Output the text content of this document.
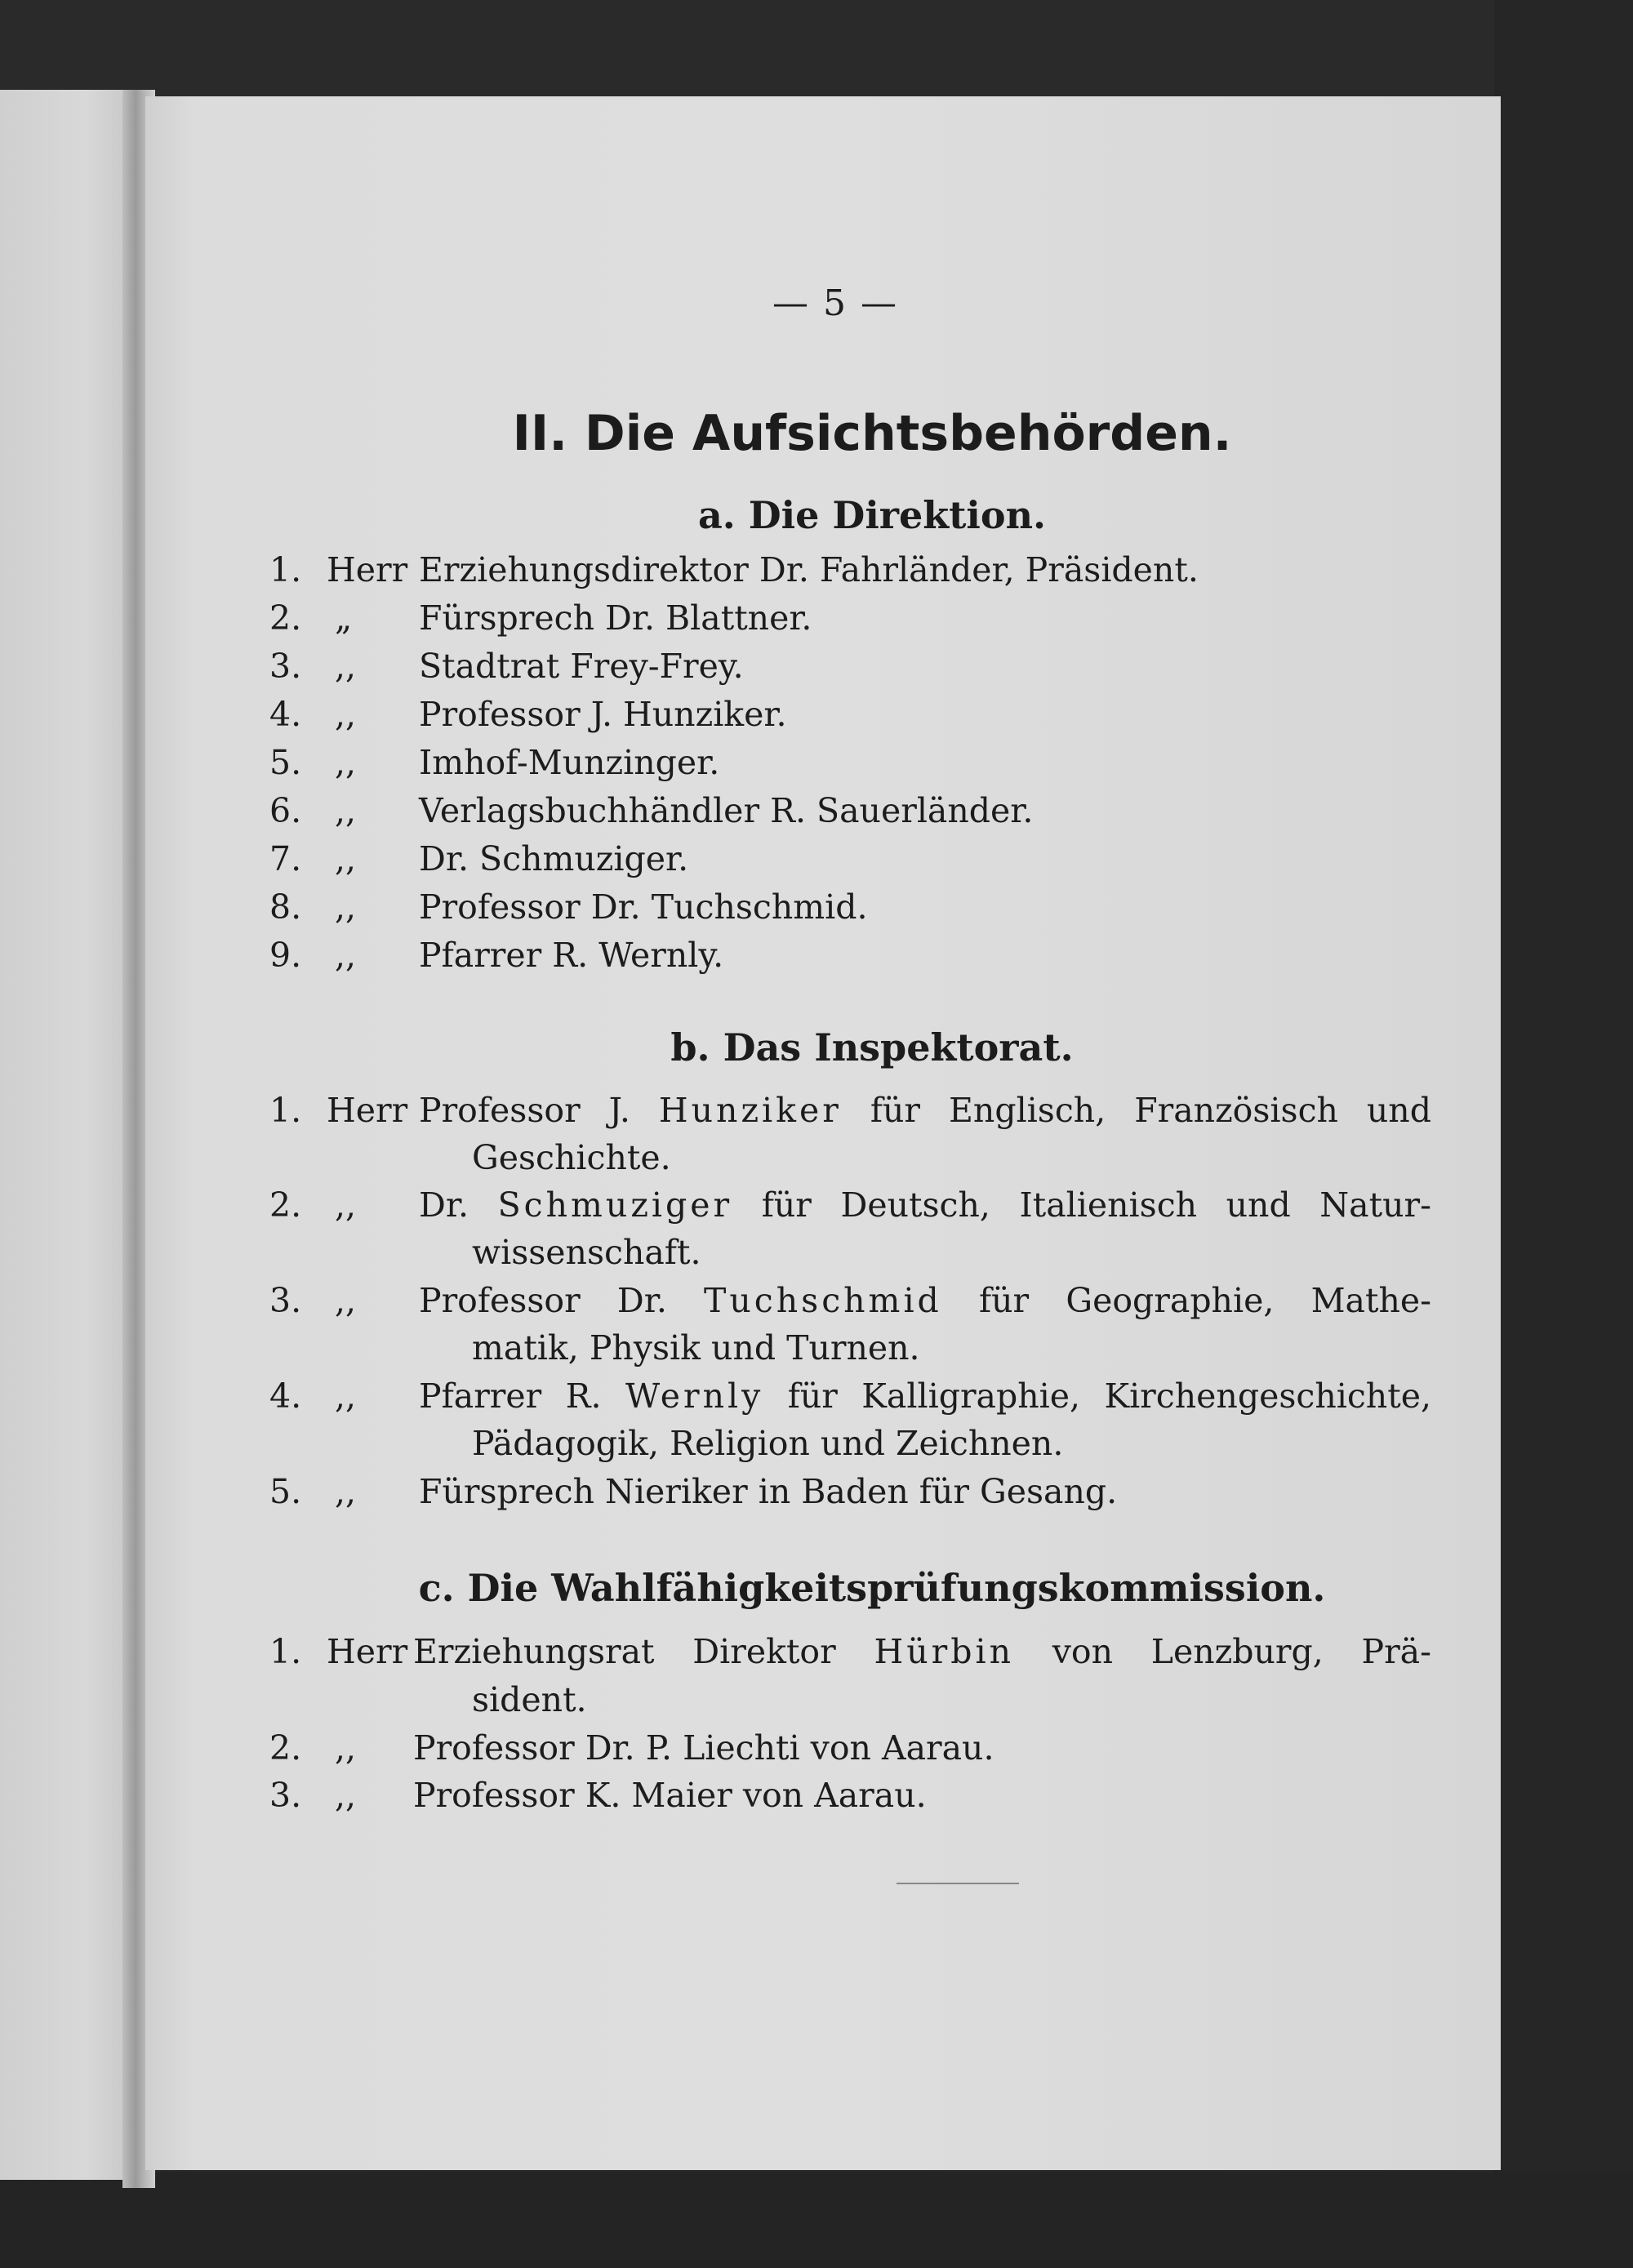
— 5 —
II. Die Aufsichtsbehörden.
a. Die Direktion.
1. Herr Erziehungsdirektor Dr. Fahrländer, Präsident.
2. „ Fürsprech Dr. Blattner.
3. ,, Stadtrat Frey-Frey.
4. ,, Professor J. Hunziker.
5. ,, Imhof-Munzinger.
6. ,, Verlagsbuchhändler R. Sauerländer.
7. ,, Dr. Schmuziger.
8. ,, Professor Dr. Tuchschmid.
9. ,, Pfarrer R. Wernly.
b. Das Inspektorat.
1. Herr Professor J. Hunziker für Englisch, Französisch und
Geschichte.
2. ,, Dr. Schmuziger für Deutsch, Italienisch und Natur-
wissenschaft.
3. ,, Professor Dr. Tuchschmid für Geographie, Mathe-
matik, Physik und Turnen.
4. ,, Pfarrer R. Wernly für Kalligraphie, Kirchengeschichte,
Pädagogik, Religion und Zeichnen.
5. ,, Fürsprech Nieriker in Baden für Gesang.
c. Die Wahlfähigkeitsprüfungskommission.
1. Herr Erziehungsrat Direktor Hürbin von Lenzburg, Prä-
sident.
2. ,, Professor Dr. P. Liechti von Aarau.
3. ,, Professor K. Maier von Aarau.
